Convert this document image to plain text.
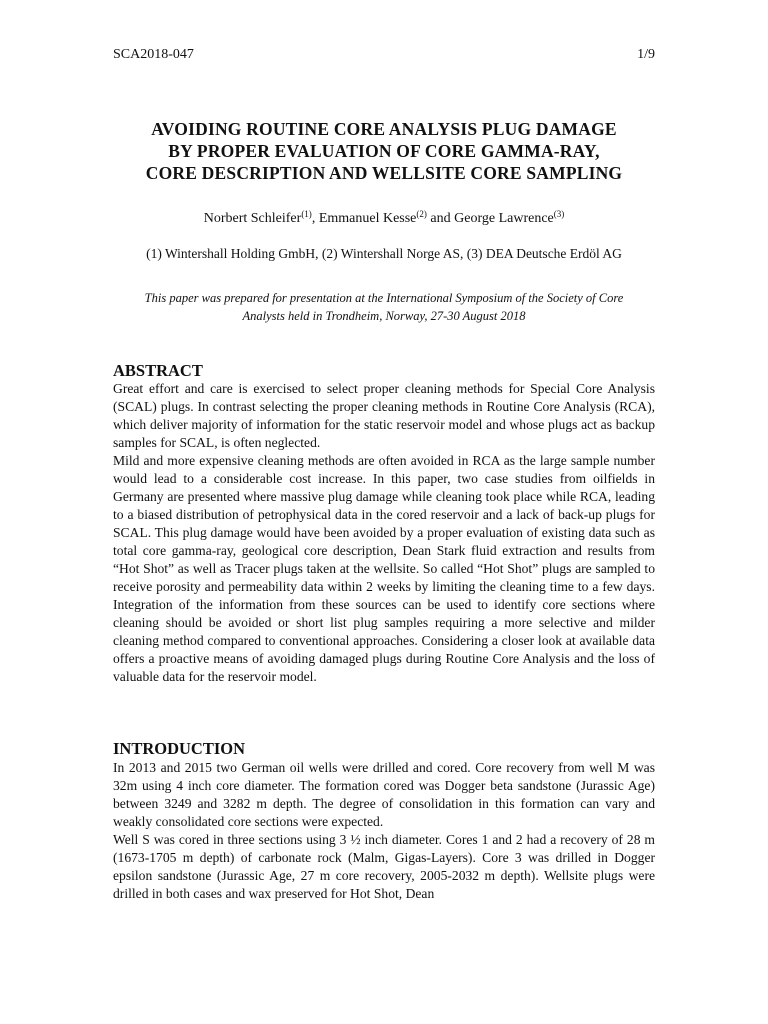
SCA2018-047	1/9
AVOIDING ROUTINE CORE ANALYSIS PLUG DAMAGE
BY PROPER EVALUATION OF CORE GAMMA-RAY,
CORE DESCRIPTION AND WELLSITE CORE SAMPLING
Norbert Schleifer$^{(1)}$, Emmanuel Kesse$^{(2)}$ and George Lawrence$^{(3)}$
(1) Wintershall Holding GmbH, (2) Wintershall Norge AS, (3) DEA Deutsche Erdöl AG
This paper was prepared for presentation at the International Symposium of the Society of Core
Analysts held in Trondheim, Norway, 27-30 August 2018
ABSTRACT

Great effort and care is exercised to select proper cleaning methods for Special Core Analysis (SCAL) plugs. In contrast selecting the proper cleaning methods in Routine Core Analysis (RCA), which deliver majority of information for the static reservoir model and whose plugs act as backup samples for SCAL, is often neglected.

Mild and more expensive cleaning methods are often avoided in RCA as the large sample number would lead to a considerable cost increase. In this paper, two case studies from oilfields in Germany are presented where massive plug damage while cleaning took place while RCA, leading to a biased distribution of petrophysical data in the cored reservoir and a lack of back-up plugs for SCAL. This plug damage would have been avoided by a proper evaluation of existing data such as total core gamma-ray, geological core description, Dean Stark fluid extraction and results from “Hot Shot” as well as Tracer plugs taken at the wellsite. So called “Hot Shot” plugs are sampled to receive porosity and permeability data within 2 weeks by limiting the cleaning time to a few days. Integration of the information from these sources can be used to identify core sections where cleaning should be avoided or short list plug samples requiring a more selective and milder cleaning method compared to conventional approaches. Considering a closer look at available data offers a proactive means of avoiding damaged plugs during Routine Core Analysis and the loss of valuable data for the reservoir model.

INTRODUCTION

In 2013 and 2015 two German oil wells were drilled and cored. Core recovery from well M was 32m using 4 inch core diameter. The formation cored was Dogger beta sandstone (Jurassic Age) between 3249 and 3282 m depth. The degree of consolidation in this formation can vary and weakly consolidated core sections were expected.

Well S was cored in three sections using 3 ½ inch diameter. Cores 1 and 2 had a recovery of 28 m (1673-1705 m depth) of carbonate rock (Malm, Gigas-Layers). Core 3 was drilled in Dogger epsilon sandstone (Jurassic Age, 27 m core recovery, 2005-2032 m depth). Wellsite plugs were drilled in both cases and wax preserved for Hot Shot, Dean
